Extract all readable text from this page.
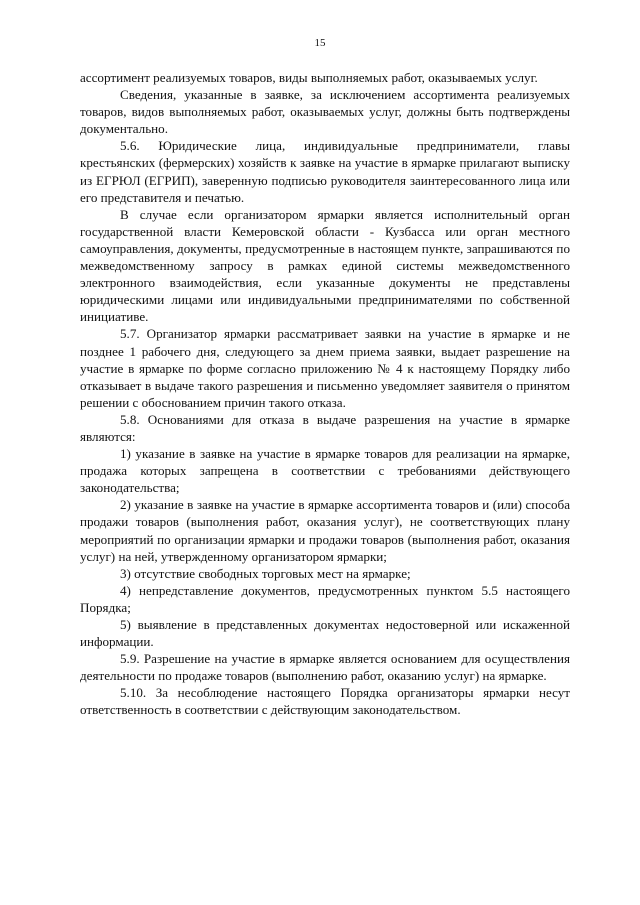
15

ассортимент реализуемых товаров, виды выполняемых работ, оказываемых услуг.

Сведения, указанные в заявке, за исключением ассортимента реализуемых товаров, видов выполняемых работ, оказываемых услуг, должны быть подтверждены документально.

5.6. Юридические лица, индивидуальные предприниматели, главы крестьянских (фермерских) хозяйств к заявке на участие в ярмарке прилагают выписку из ЕГРЮЛ (ЕГРИП), заверенную подписью руководителя заинтересованного лица или его представителя и печатью.

В случае если организатором ярмарки является исполнительный орган государственной власти Кемеровской области - Кузбасса или орган местного самоуправления, документы, предусмотренные в настоящем пункте, запрашиваются по межведомственному запросу в рамках единой системы межведомственного электронного взаимодействия, если указанные документы не представлены юридическими лицами или индивидуальными предпринимателями по собственной инициативе.

5.7. Организатор ярмарки рассматривает заявки на участие в ярмарке и не позднее 1 рабочего дня, следующего за днем приема заявки, выдает разрешение на участие в ярмарке по форме согласно приложению № 4 к настоящему Порядку либо отказывает в выдаче такого разрешения и письменно уведомляет заявителя о принятом решении с обоснованием причин такого отказа.

5.8. Основаниями для отказа в выдаче разрешения на участие в ярмарке являются:

1) указание в заявке на участие в ярмарке товаров для реализации на ярмарке, продажа которых запрещена в соответствии с требованиями действующего законодательства;

2) указание в заявке на участие в ярмарке ассортимента товаров и (или) способа продажи товаров (выполнения работ, оказания услуг), не соответствующих плану мероприятий по организации ярмарки и продажи товаров (выполнения работ, оказания услуг) на ней, утвержденному организатором ярмарки;

3) отсутствие свободных торговых мест на ярмарке;

4) непредставление документов, предусмотренных пунктом 5.5 настоящего Порядка;

5) выявление в представленных документах недостоверной или искаженной информации.

5.9. Разрешение на участие в ярмарке является основанием для осуществления деятельности по продаже товаров (выполнению работ, оказанию услуг) на ярмарке.

5.10. За несоблюдение настоящего Порядка организаторы ярмарки несут ответственность в соответствии с действующим законодательством.
